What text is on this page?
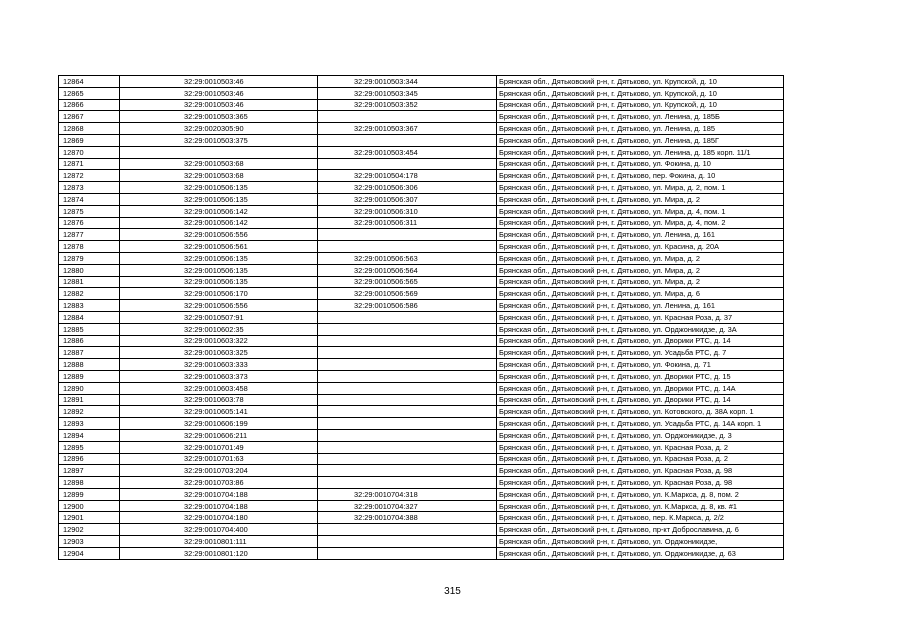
12864	32:29:0010503:46	32:29:0010503:344	Брянская обл., Дятьковский р-н, г. Дятьково, ул. Крупской, д. 10
12865	32:29:0010503:46	32:29:0010503:345	Брянская обл., Дятьковский р-н, г. Дятьково, ул. Крупской, д. 10
12866	32:29:0010503:46	32:29:0010503:352	Брянская обл., Дятьковский р-н, г. Дятьково, ул. Крупской, д. 10
12867	32:29:0010503:365		Брянская обл., Дятьковский р-н, г. Дятьково, ул. Ленина, д. 185Б
12868	32:29:0020305:90	32:29:0010503:367	Брянская обл., Дятьковский р-н, г. Дятьково, ул. Ленина, д. 185
12869	32:29:0010503:375		Брянская обл., Дятьковский р-н, г. Дятьково, ул. Ленина, д. 185Г
12870		32:29:0010503:454	Брянская обл., Дятьковский р-н, г. Дятьково, ул. Ленина, д. 185 корп. 11/1
12871	32:29:0010503:68		Брянская обл., Дятьковский р-н, г. Дятьково, ул. Фокина, д. 10
12872	32:29:0010503:68	32:29:0010504:178	Брянская обл., Дятьковский р-н, г. Дятьково, пер. Фокина, д. 10
12873	32:29:0010506:135	32:29:0010506:306	Брянская обл., Дятьковский р-н, г. Дятьково, ул. Мира, д. 2, пом. 1
12874	32:29:0010506:135	32:29:0010506:307	Брянская обл., Дятьковский р-н, г. Дятьково, ул. Мира, д. 2
12875	32:29:0010506:142	32:29:0010506:310	Брянская обл., Дятьковский р-н, г. Дятьково, ул. Мира, д. 4, пом. 1
12876	32:29:0010506:142	32:29:0010506:311	Брянская обл., Дятьковский р-н, г. Дятьково, ул. Мира, д. 4, пом. 2
12877	32:29:0010506:556		Брянская обл., Дятьковский р-н, г. Дятьково, ул. Ленина, д. 161
12878	32:29:0010506:561		Брянская обл., Дятьковский р-н, г. Дятьково, ул. Красина, д. 20А
12879	32:29:0010506:135	32:29:0010506:563	Брянская обл., Дятьковский р-н, г. Дятьково, ул. Мира, д. 2
12880	32:29:0010506:135	32:29:0010506:564	Брянская обл., Дятьковский р-н, г. Дятьково, ул. Мира, д. 2
12881	32:29:0010506:135	32:29:0010506:565	Брянская обл., Дятьковский р-н, г. Дятьково, ул. Мира, д. 2
12882	32:29:0010506:170	32:29:0010506:569	Брянская обл., Дятьковский р-н, г. Дятьково, ул. Мира, д. 6
12883	32:29:0010506:556	32:29:0010506:586	Брянская обл., Дятьковский р-н, г. Дятьково, ул. Ленина, д. 161
12884	32:29:0010507:91		Брянская обл., Дятьковский р-н, г. Дятьково, ул. Красная Роза, д. 37
12885	32:29:0010602:35		Брянская обл., Дятьковский р-н, г. Дятьково, ул. Орджоникидзе, д. 3А
12886	32:29:0010603:322		Брянская обл., Дятьковский р-н, г. Дятьково, ул. Дворики РТС, д. 14
12887	32:29:0010603:325		Брянская обл., Дятьковский р-н, г. Дятьково, ул. Усадьба РТС, д. 7
12888	32:29:0010603:333		Брянская обл., Дятьковский р-н, г. Дятьково, ул. Фокина, д. 71
12889	32:29:0010603:373		Брянская обл., Дятьковский р-н, г. Дятьково, ул. Дворики РТС, д. 15
12890	32:29:0010603:458		Брянская обл., Дятьковский р-н, г. Дятьково, ул. Дворики РТС, д. 14А
12891	32:29:0010603:78		Брянская обл., Дятьковский р-н, г. Дятьково, ул. Дворики РТС, д. 14
12892	32:29:0010605:141		Брянская обл., Дятьковский р-н, г. Дятьково, ул. Котовского, д. 38А корп. 1
12893	32:29:0010606:199		Брянская обл., Дятьковский р-н, г. Дятьково, ул. Усадьба РТС, д. 14А корп. 1
12894	32:29:0010606:211		Брянская обл., Дятьковский р-н, г. Дятьково, ул. Орджоникидзе, д. 3
12895	32:29:0010701:49		Брянская обл., Дятьковский р-н, г. Дятьково, ул. Красная Роза, д. 2
12896	32:29:0010701:63		Брянская обл., Дятьковский р-н, г. Дятьково, ул. Красная Роза, д. 2
12897	32:29:0010703:204		Брянская обл., Дятьковский р-н, г. Дятьково, ул. Красная Роза, д. 98
12898	32:29:0010703:86		Брянская обл., Дятьковский р-н, г. Дятьково, ул. Красная Роза, д. 98
12899	32:29:0010704:188	32:29:0010704:318	Брянская обл., Дятьковский р-н, г. Дятьково, ул. К.Маркса, д. 8, пом. 2
12900	32:29:0010704:188	32:29:0010704:327	Брянская обл., Дятьковский р-н, г. Дятьково, ул. К.Маркса, д. 8, кв. #1
12901	32:29:0010704:180	32:29:0010704:388	Брянская обл., Дятьковский р-н, г. Дятьково, пер. К.Маркса, д. 2/2
12902	32:29:0010704:400		Брянская обл., Дятьковский р-н, г. Дятьково, пр-кт Доброславина, д. 6
12903	32:29:0010801:111		Брянская обл., Дятьковский р-н, г. Дятьково, ул. Орджоникидзе,
12904	32:29:0010801:120		Брянская обл., Дятьковский р-н, г. Дятьково, ул. Орджоникидзе, д. 63
315
